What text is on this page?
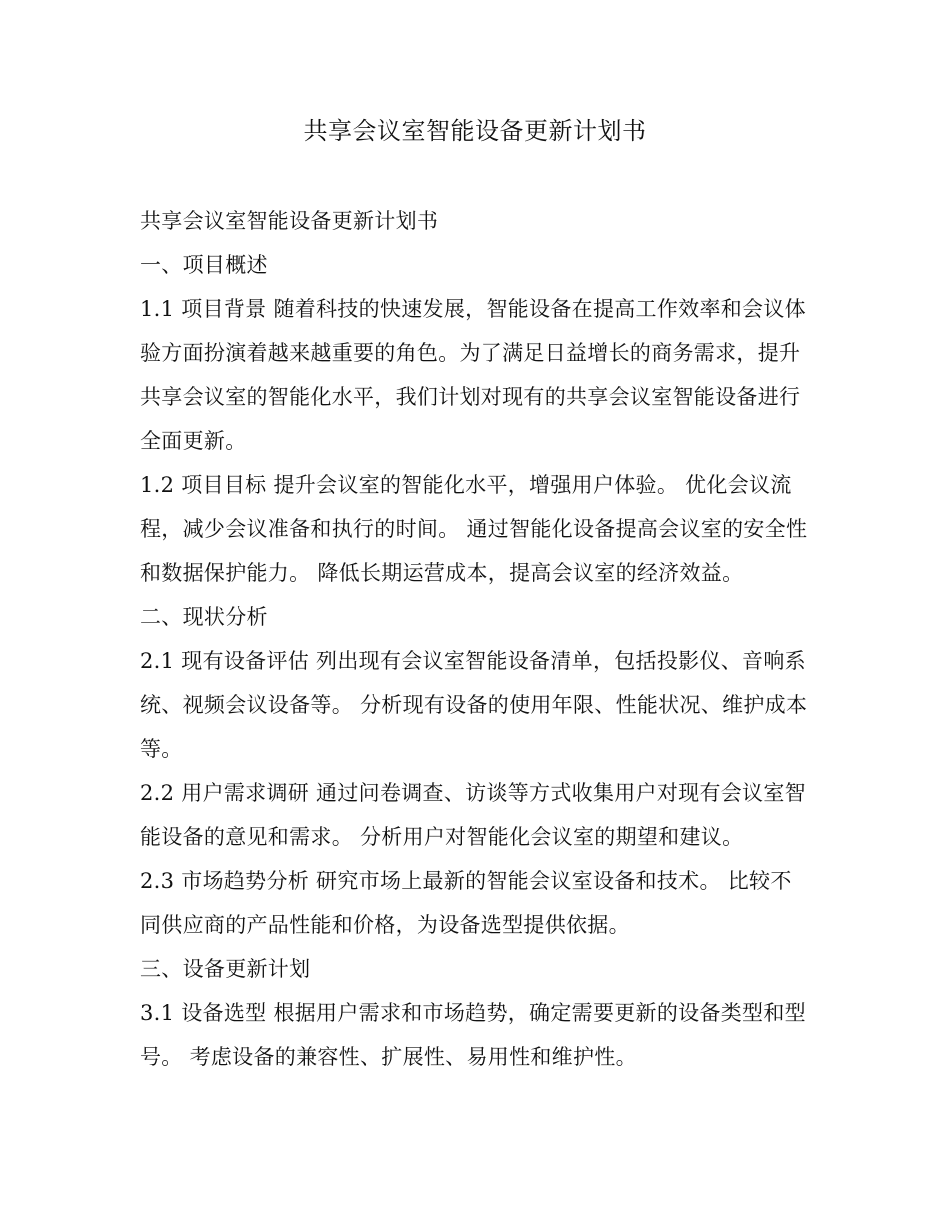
共享会议室智能设备更新计划书

共享会议室智能设备更新计划书

一、项目概述

1.1 项目背景 随着科技的快速发展，智能设备在提高工作效率和会议体验方面扮演着越来越重要的角色。为了满足日益增长的商务需求，提升共享会议室的智能化水平，我们计划对现有的共享会议室智能设备进行全面更新。

1.2 项目目标 提升会议室的智能化水平，增强用户体验。 优化会议流程，减少会议准备和执行的时间。 通过智能化设备提高会议室的安全性和数据保护能力。 降低长期运营成本，提高会议室的经济效益。

二、现状分析

2.1 现有设备评估 列出现有会议室智能设备清单，包括投影仪、音响系统、视频会议设备等。 分析现有设备的使用年限、性能状况、维护成本等。

2.2 用户需求调研 通过问卷调查、访谈等方式收集用户对现有会议室智能设备的意见和需求。 分析用户对智能化会议室的期望和建议。

2.3 市场趋势分析 研究市场上最新的智能会议室设备和技术。 比较不同供应商的产品性能和价格，为设备选型提供依据。

三、设备更新计划

3.1 设备选型 根据用户需求和市场趋势，确定需要更新的设备类型和型号。 考虑设备的兼容性、扩展性、易用性和维护性。
